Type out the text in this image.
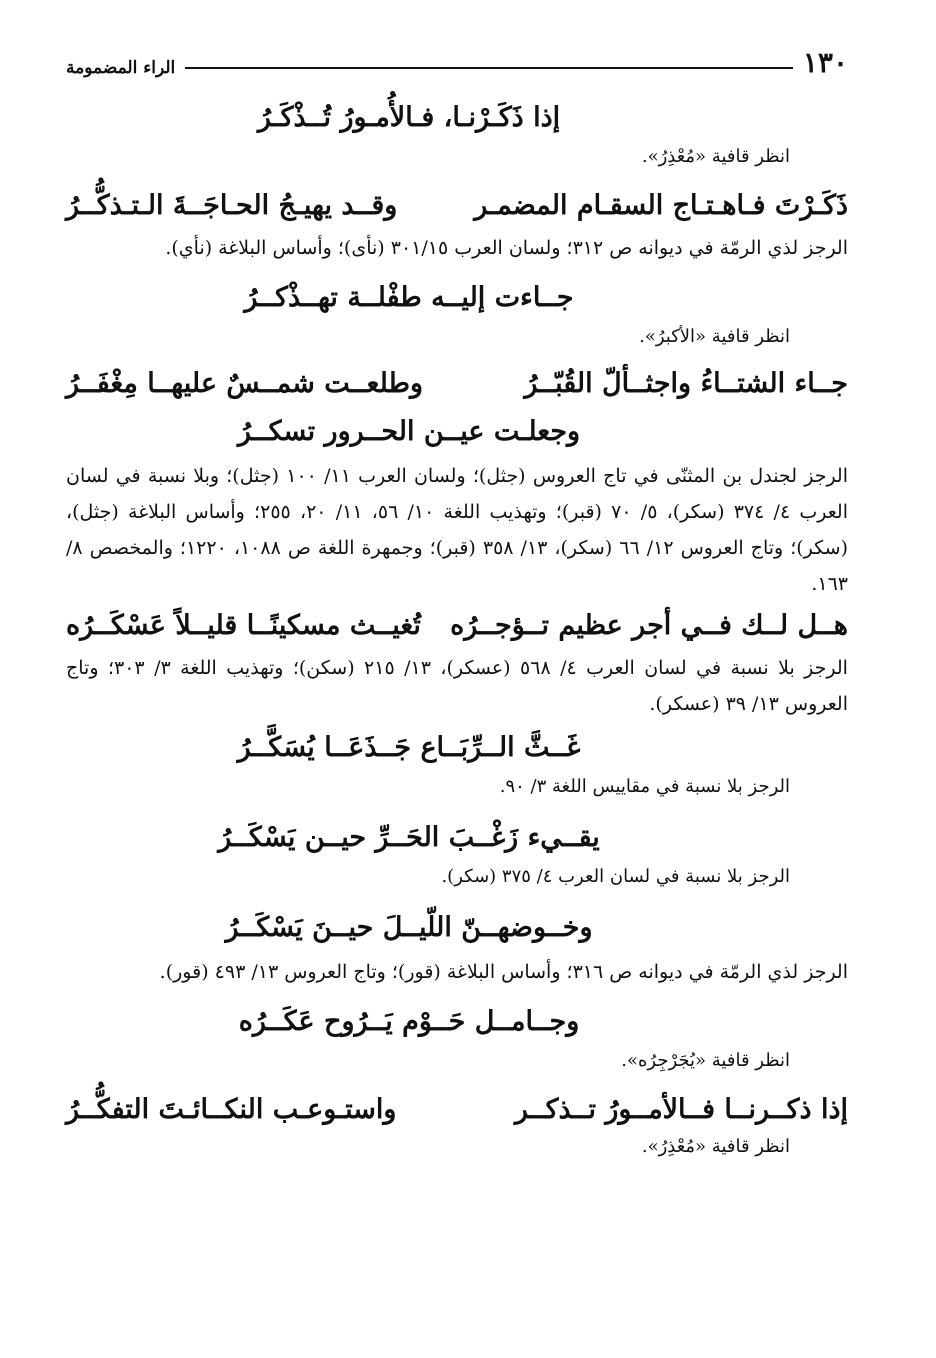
١٣٠
الراء المضمومة
إذا ذَكَـرْنـا، فـالأُمـورُ تُــذْكَـرُ
انظر قافية «مُعْذِرُ».
ذَكَـرْتَ فـاهـتـاج السقـام المضمـر
وقــد يهيـجُ الحـاجَــةَ الـتـذكُّــرُ
الرجز لذي الرمّة في ديوانه ص ٣١٢؛ ولسان العرب ٣٠١/١٥ (نأى)؛ وأساس البلاغة (نأي).
جــاءت إليــه طفْلــة تهــذْكــرُ
انظر قافية «الأكبرُ».
جــاء الشتــاءُ واجثــألّ القُبّــرُ
وطلعــت شمــسٌ عليهــا مِغْفَــرُ
وجعلـت عيــن الحــرور تسكــرُ
الرجز لجندل بن المثنّى في تاج العروس (جثل)؛ ولسان العرب ١١/ ١٠٠ (جثل)؛ وبلا نسبة في لسان العرب ٤/ ٣٧٤ (سكر)، ٥/ ٧٠ (قبر)؛ وتهذيب اللغة ١٠/ ٥٦، ١١/ ٢٠، ٢٥٥؛ وأساس البلاغة (جثل)، (سكر)؛ وتاج العروس ١٢/ ٦٦ (سكر)، ١٣/ ٣٥٨ (قبر)؛ وجمهرة اللغة ص ١٠٨٨، ١٢٢٠؛ والمخصص ٨/ ١٦٣.
هــل لــك فــي أجر عظيم تــؤجــرُه
تُغيــث مسكينًــا قليــلاً عَسْكَــرُه
الرجز بلا نسبة في لسان العرب ٤/ ٥٦٨ (عسكر)، ١٣/ ٢١٥ (سكن)؛ وتهذيب اللغة ٣/ ٣٠٣؛ وتاج العروس ١٣/ ٣٩ (عسكر).
غَــثَّ الــرِّبَــاع جَــذَعَــا يُسَكَّــرُ
الرجز بلا نسبة في مقاييس اللغة ٣/ ٩٠.
يقــيء زَغْــبَ الحَــرِّ حيــن يَسْكَــرُ
الرجز بلا نسبة في لسان العرب ٤/ ٣٧٥ (سكر).
وخــوضهــنّ اللّيــلَ حيــنَ يَسْكَــرُ
الرجز لذي الرمّة في ديوانه ص ٣١٦؛ وأساس البلاغة (قور)؛ وتاج العروس ١٣/ ٤٩٣ (قور).
وجــامــل حَــوْم يَــرُوح عَكَــرُه
انظر قافية «يُجَرْجِرُه».
إذا ذكــرنــا فــالأمــورُ تــذكــر
واستـوعـب النكــائـتَ التفكُّــرُ
انظر قافية «مُعْذِرُ».
